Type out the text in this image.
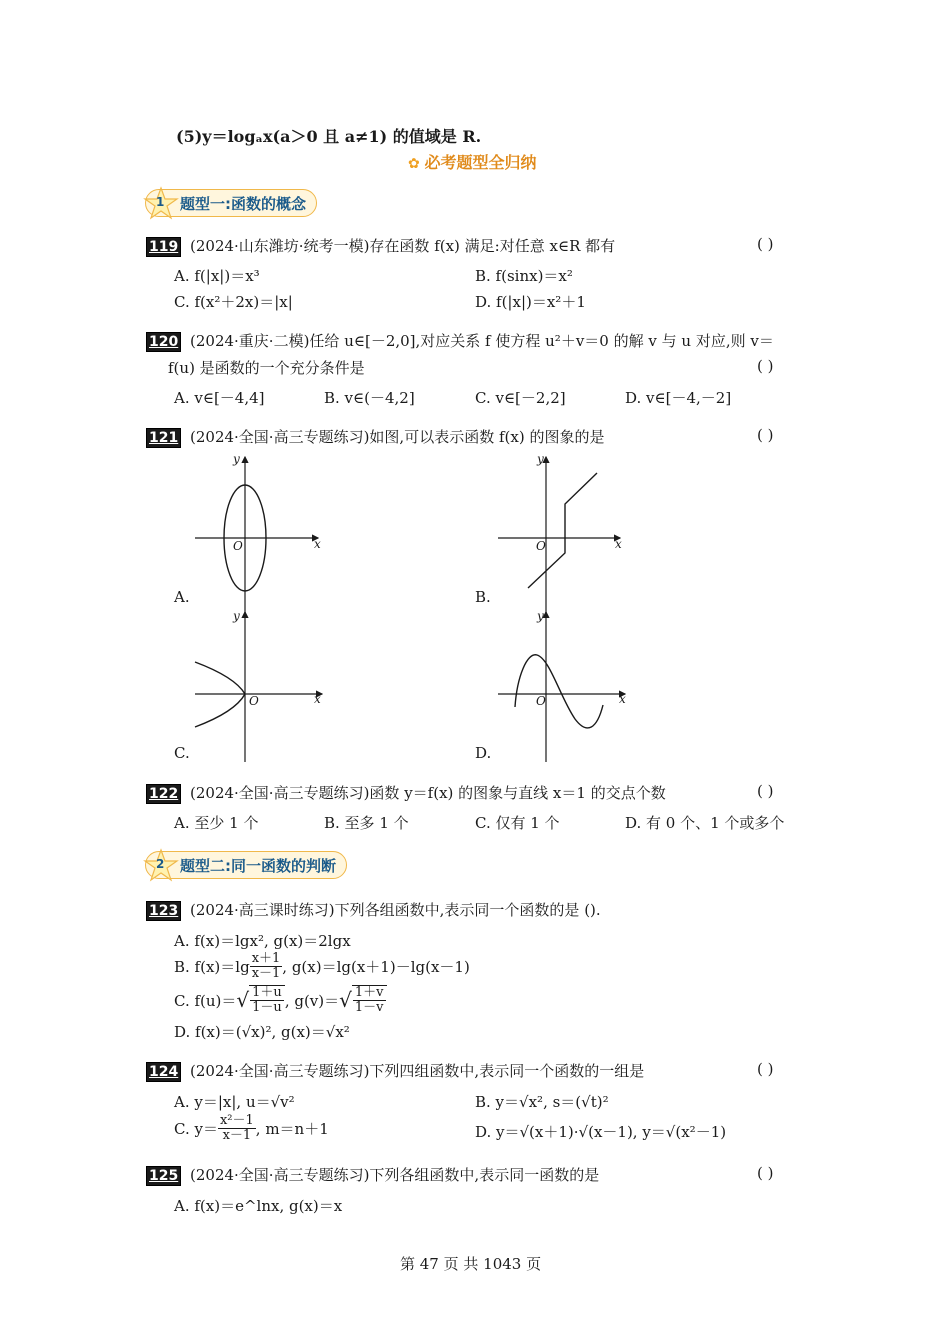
(5)y＝logₐx(a＞0 且 a≠1) 的值域是 R.
✿ 必考题型全归纳
1	题型一:函数的概念
119 (2024·山东潍坊·统考一模)存在函数 f(x) 满足:对任意 x∈R 都有	( )
A. f(|x|)＝x³	B. f(sinx)＝x²
C. f(x²＋2x)＝|x|	D. f(|x|)＝x²＋1
120 (2024·重庆·二模)任给 u∈[－2,0],对应关系 f 使方程 u²＋v＝0 的解 v 与 u 对应,则 v＝
f(u) 是函数的一个充分条件是	( )
A. v∈[－4,4]	B. v∈(－4,2]	C. v∈[－2,2]	D. v∈[－4,－2]
121 (2024·全国·高三专题练习)如图,可以表示函数 f(x) 的图象的是	( )
y
x
O
A.
y
x
O
B.
y
x
O
C.
y
x
O
D.
122 (2024·全国·高三专题练习)函数 y＝f(x) 的图象与直线 x＝1 的交点个数	( )
A. 至少 1 个	B. 至多 1 个	C. 仅有 1 个	D. 有 0 个、1 个或多个
2	题型二:同一函数的判断
123 (2024·高三课时练习)下列各组函数中,表示同一个函数的是 ().
A. f(x)＝lgx², g(x)＝2lgx
B. $f(x)=\lg \frac{x+1}{x-1}$ , g(x)＝lg(x＋1)－lg(x－1)
C. f(u)＝ √ $\frac{1+u}{1-u}$ , g(v)＝ √ $\frac{1+v}{1-v}$
D. f(x)＝(√x)², g(x)＝√x²
124 (2024·全国·高三专题练习)下列四组函数中,表示同一个函数的一组是	( )
A. y＝|x|, u＝√v²	B. y＝√x², s＝(√t)²
C. $y= \frac{\text{x²－1}}{x-1}$ , m＝n＋1	D. y＝√(x＋1)·√(x－1), y＝√(x²－1)
125 (2024·全国·高三专题练习)下列各组函数中,表示同一函数的是	( )
A. f(x)＝e^lnx, g(x)＝x
第 47 页 共 1043 页
